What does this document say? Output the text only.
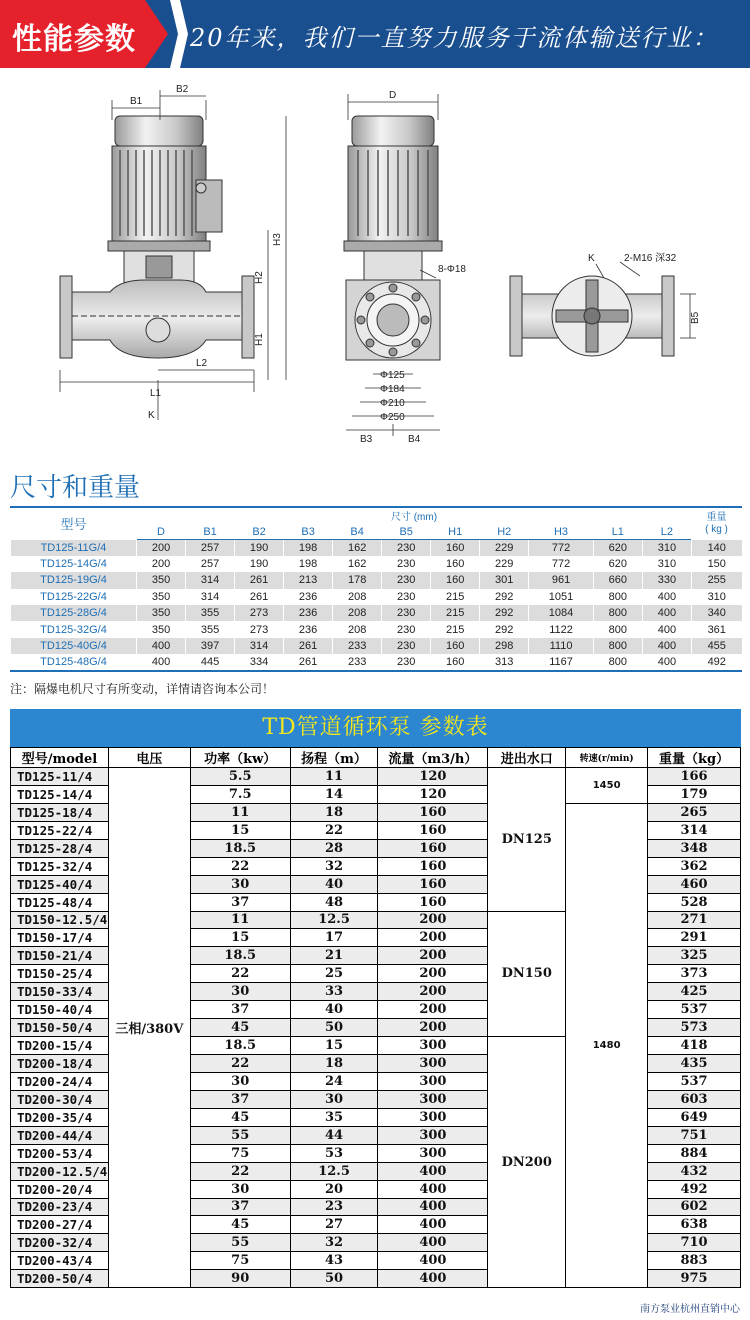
性能参数 20年来，我们一直努力服务于流体输送行业：
B1
B2
L1
L2
K
H1
H2
H3
D
8-Φ18
Φ125
Φ184
Φ210
Φ250
B3	B4
K	2-M16 深32
B5
尺寸和重量
型号	尺寸 (mm)											重量
( kg )
	D	B1	B2	B3	B4	B5	H1	H2	H3	L1	L2	
TD125-11G/4	200	257	190	198	162	230	160	229	772	620	310	140
TD125-14G/4	200	257	190	198	162	230	160	229	772	620	310	150
TD125-19G/4	350	314	261	213	178	230	160	301	961	660	330	255
TD125-22G/4	350	314	261	236	208	230	215	292	1051	800	400	310
TD125-28G/4	350	355	273	236	208	230	215	292	1084	800	400	340
TD125-32G/4	350	355	273	236	208	230	215	292	1122	800	400	361
TD125-40G/4	400	397	314	261	233	230	160	298	1110	800	400	455
TD125-48G/4	400	445	334	261	233	230	160	313	1167	800	400	492
注：隔爆电机尺寸有所变动，详情请咨询本公司！
TD管道循环泵 参数表
型号/model	电压	功率（kw）	扬程（m）	流量（m3/h）	进出水口	转速(r/min)	重量（kg）
TD125-11/4	三相/380V	5.5	11	120	DN125	1450	166
TD125-14/4		7.5	14	120			179
TD125-18/4		11	18	160		1480	265
TD125-22/4		15	22	160			314
TD125-28/4		18.5	28	160			348
TD125-32/4		22	32	160			362
TD125-40/4		30	40	160			460
TD125-48/4		37	48	160			528
TD150-12.5/4		11	12.5	200	DN150		271
TD150-17/4		15	17	200			291
TD150-21/4		18.5	21	200			325
TD150-25/4		22	25	200			373
TD150-33/4		30	33	200			425
TD150-40/4		37	40	200			537
TD150-50/4		45	50	200			573
TD200-15/4		18.5	15	300	DN200		418
TD200-18/4		22	18	300			435
TD200-24/4		30	24	300			537
TD200-30/4		37	30	300			603
TD200-35/4		45	35	300			649
TD200-44/4		55	44	300			751
TD200-53/4		75	53	300			884
TD200-12.5/4		22	12.5	400			432
TD200-20/4		30	20	400			492
TD200-23/4		37	23	400			602
TD200-27/4		45	27	400			638
TD200-32/4		55	32	400			710
TD200-43/4		75	43	400			883
TD200-50/4		90	50	400			975
南方泵业杭州直销中心
